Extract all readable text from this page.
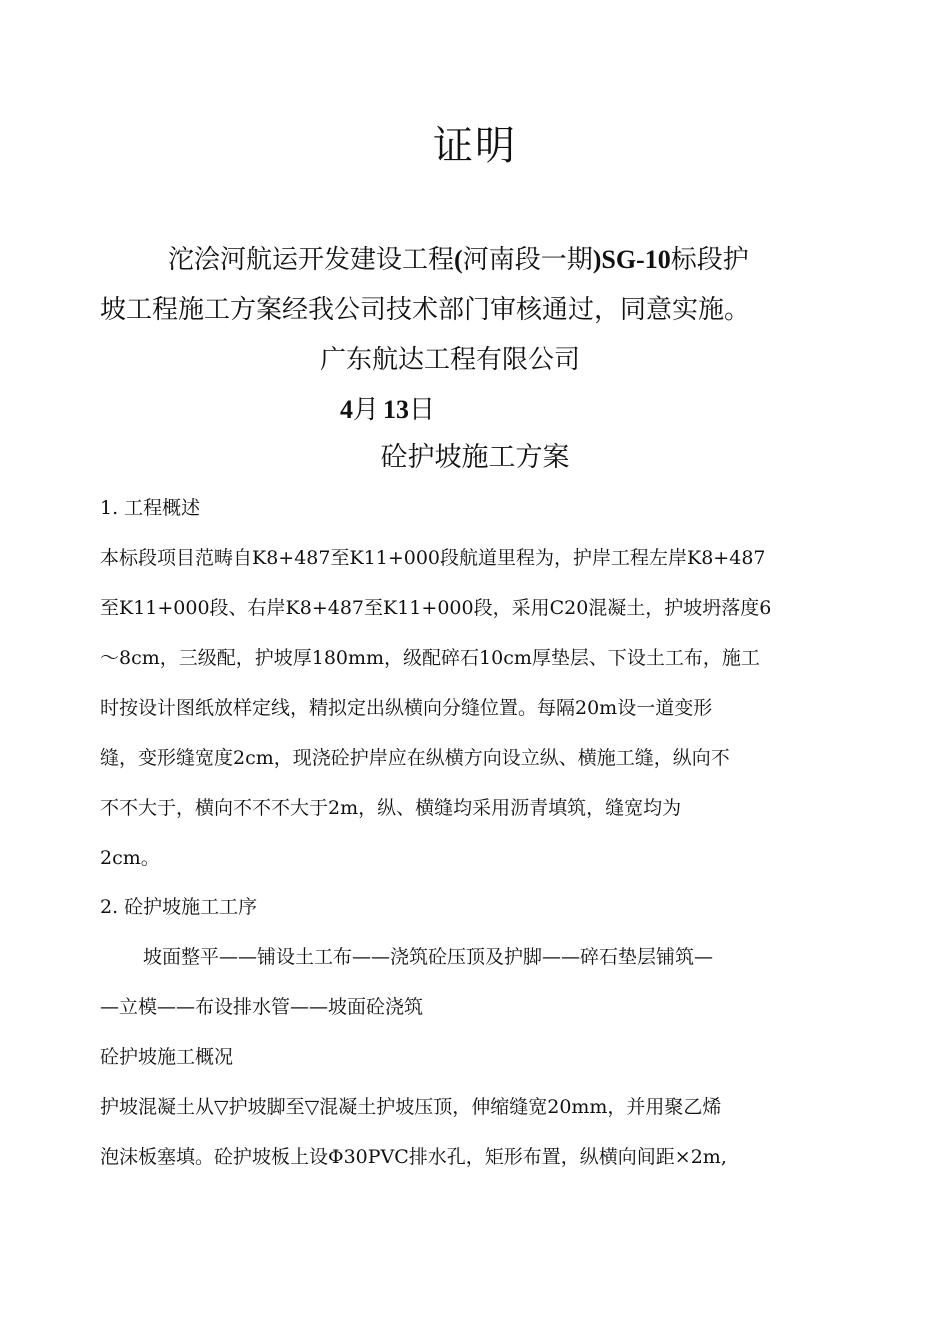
证明
沱浍河航运开发建设工程(河南段一期)SG-10标段护
坡工程施工方案经我公司技术部门审核通过，同意实施。
广东航达工程有限公司
4月 13日
砼护坡施工方案
1. 工程概述
本标段项目范畴自K8+487至K11+000段航道里程为，护岸工程左岸K8+487
至K11+000段、右岸K8+487至K11+000段，采用C20混凝土，护坡坍落度6
～8cm，三级配，护坡厚180mm，级配碎石10cm厚垫层、下设土工布，施工
时按设计图纸放样定线，精拟定出纵横向分缝位置。每隔20m设一道变形
缝，变形缝宽度2cm，现浇砼护岸应在纵横方向设立纵、横施工缝，纵向不
不不大于，横向不不不大于2m，纵、横缝均采用沥青填筑，缝宽均为
2cm。
2. 砼护坡施工工序
坡面整平——铺设土工布——浇筑砼压顶及护脚——碎石垫层铺筑—
—立模——布设排水管——坡面砼浇筑
砼护坡施工概况
护坡混凝土从▽护坡脚至▽混凝土护坡压顶，伸缩缝宽20mm，并用聚乙烯
泡沫板塞填。砼护坡板上设Φ30PVC排水孔，矩形布置，纵横向间距×2m,
